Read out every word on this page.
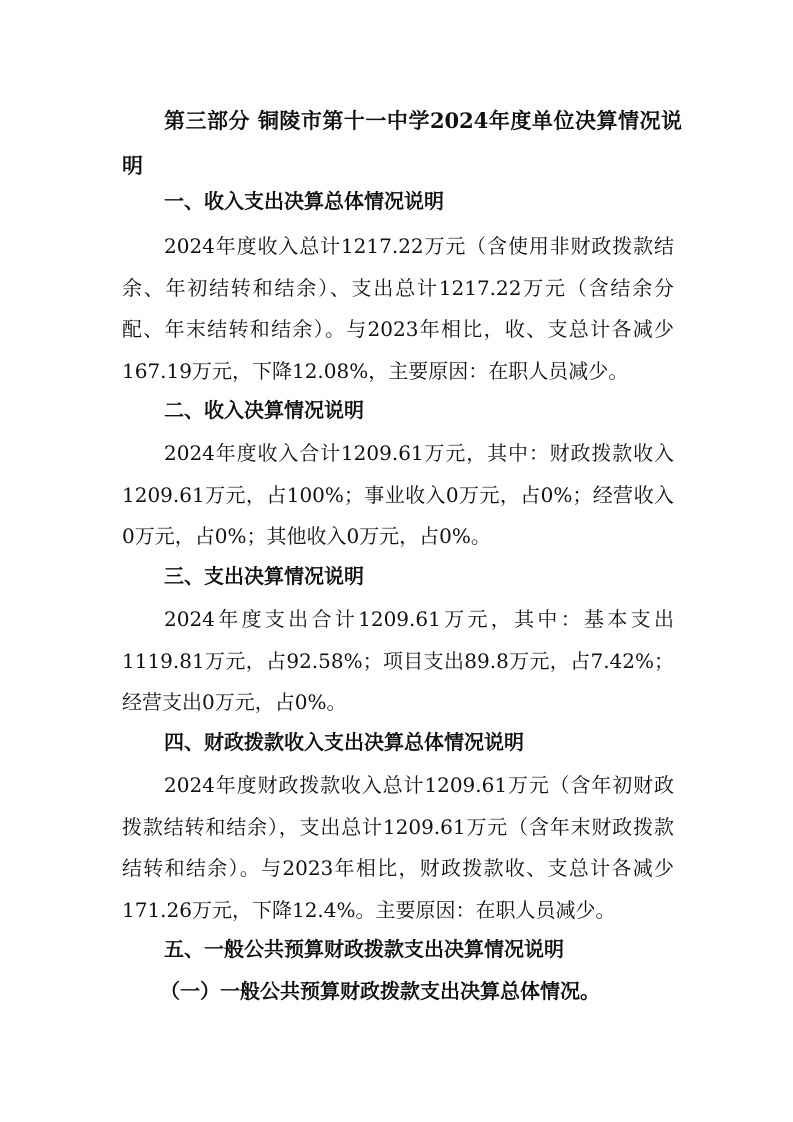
第三部分 铜陵市第十一中学2024年度单位决算情况说明

一、收入支出决算总体情况说明

2024年度收入总计1217.22万元（含使用非财政拨款结余、年初结转和结余）、支出总计1217.22万元（含结余分配、年末结转和结余）。与2023年相比，收、支总计各减少167.19万元，下降12.08%，主要原因：在职人员减少。

二、收入决算情况说明

2024年度收入合计1209.61万元，其中：财政拨款收入1209.61万元，占100%；事业收入0万元，占0%；经营收入0万元，占0%；其他收入0万元，占0%。

三、支出决算情况说明

2024年度支出合计1209.61万元，其中：基本支出1119.81万元，占92.58%；项目支出89.8万元，占7.42%；经营支出0万元，占0%。

四、财政拨款收入支出决算总体情况说明

2024年度财政拨款收入总计1209.61万元（含年初财政拨款结转和结余），支出总计1209.61万元（含年末财政拨款结转和结余）。与2023年相比，财政拨款收、支总计各减少171.26万元，下降12.4%。主要原因：在职人员减少。

五、一般公共预算财政拨款支出决算情况说明

（一）一般公共预算财政拨款支出决算总体情况。
